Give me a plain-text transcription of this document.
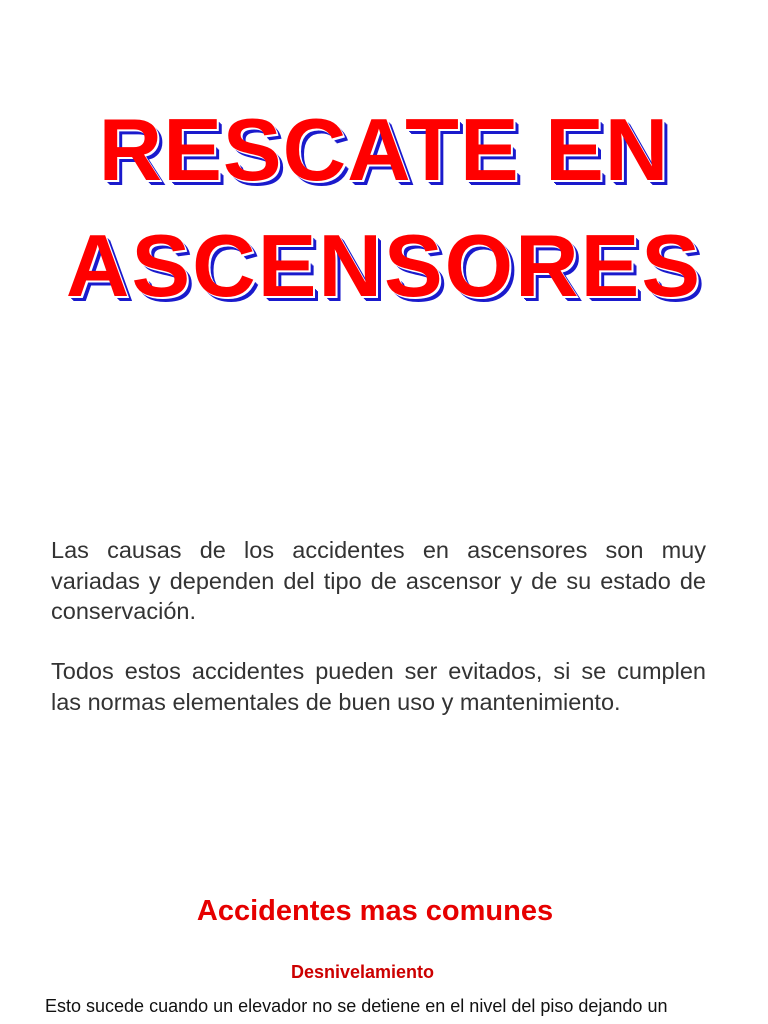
RESCATE EN
ASCENSORES

Las causas de los accidentes en ascensores son muy variadas y dependen del tipo de ascensor y de su estado de conservación.

Todos estos accidentes pueden ser evitados, si se cumplen las normas elementales de buen uso y mantenimiento.

Accidentes mas comunes
Desnivelamiento

Esto sucede cuando un elevador no se detiene en el nivel del piso dejando un
